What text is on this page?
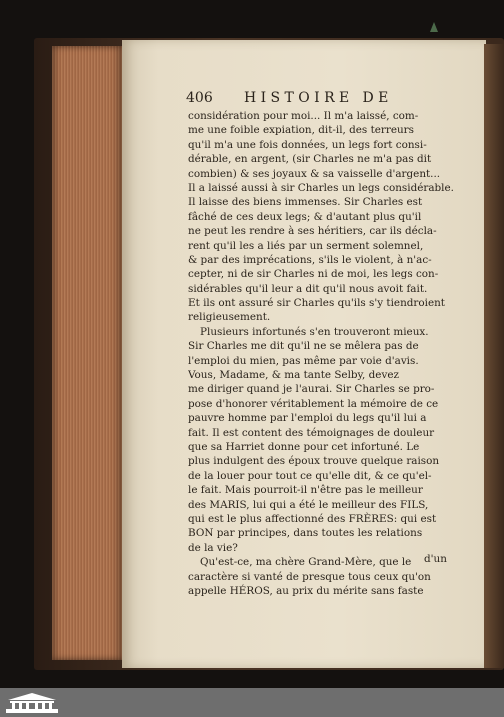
406 HISTOIRE DE
considération pour moi... Il m'a laissé, com-
me une foible expiation, dit-il, des terreurs
qu'il m'a une fois données, un legs fort consi-
dérable, en argent, (sir Charles ne m'a pas dit
combien) & ses joyaux & sa vaisselle d'argent...
Il a laissé aussi à sir Charles un legs considérable.
Il laisse des biens immenses. Sir Charles est
fâché de ces deux legs; & d'autant plus qu'il
ne peut les rendre à ses héritiers, car ils décla-
rent qu'il les a liés par un serment solemnel,
& par des imprécations, s'ils le violent, à n'ac-
cepter, ni de sir Charles ni de moi, les legs con-
sidérables qu'il leur a dit qu'il nous avoit fait.
Et ils ont assuré sir Charles qu'ils s'y tiendroient
religieusement.
Plusieurs infortunés s'en trouveront mieux.
Sir Charles me dit qu'il ne se mêlera pas de
l'emploi du mien, pas même par voie d'avis.
Vous, Madame, & ma tante Selby, devez
me diriger quand je l'aurai. Sir Charles se pro-
pose d'honorer véritablement la mémoire de ce
pauvre homme par l'emploi du legs qu'il lui a
fait. Il est content des témoignages de douleur
que sa Harriet donne pour cet infortuné. Le
plus indulgent des époux trouve quelque raison
de la louer pour tout ce qu'elle dit, & ce qu'el-
le fait. Mais pourroit-il n'être pas le meilleur
des MARIS, lui qui a été le meilleur des FILS,
qui est le plus affectionné des FRÈRES: qui est
BON par principes, dans toutes les relations
de la vie?
Qu'est-ce, ma chère Grand-Mère, que le
caractère si vanté de presque tous ceux qu'on
appelle HÉROS, au prix du mérite sans faste
d'un
